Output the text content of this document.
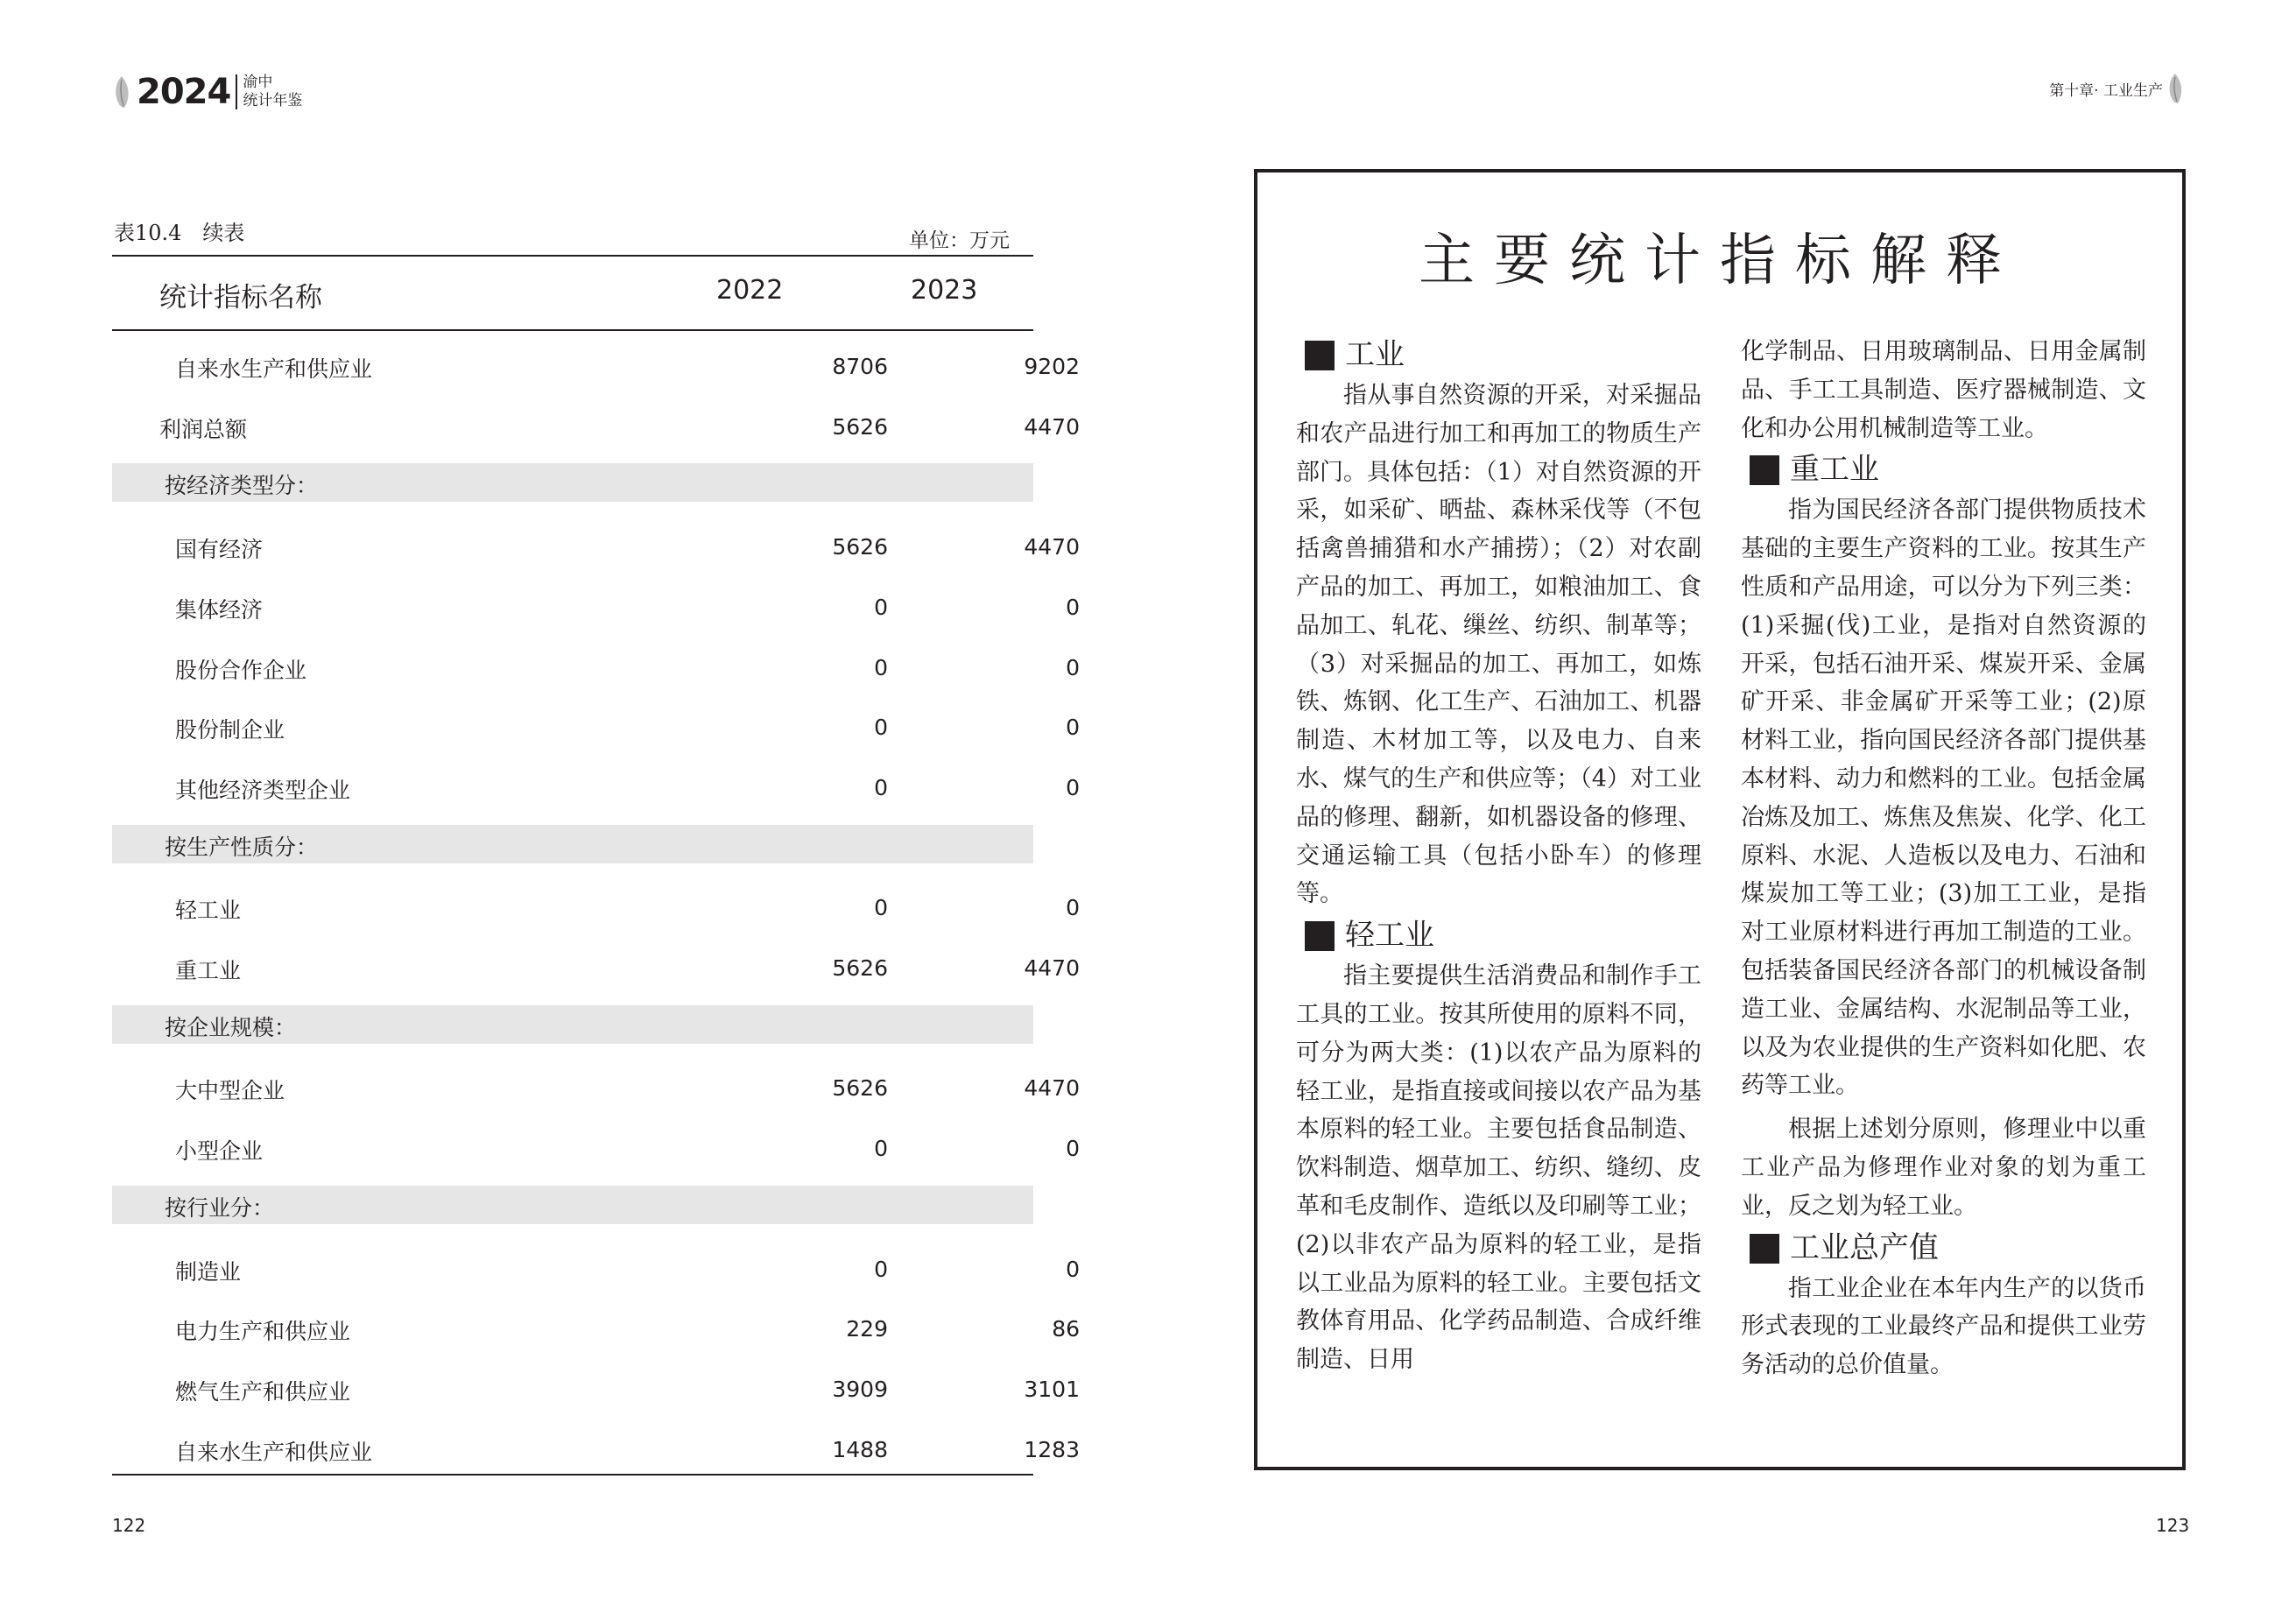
2024 渝中
统计年鉴
第十章· 工业生产
表10.4　续表	单位：万元
统计指标名称	2022	2023
自来水生产和供应业	8706	9202
利润总额	5626	4470
按经济类型分：
国有经济	5626	4470
集体经济	0	0
股份合作企业	0	0
股份制企业	0	0
其他经济类型企业	0	0
按生产性质分：
轻工业	0	0
重工业	5626	4470
按企业规模：
大中型企业	5626	4470
小型企业	0	0
按行业分：
制造业	0	0
电力生产和供应业	229	86
燃气生产和供应业	3909	3101
自来水生产和供应业	1488	1283
122	123
主要统计指标解释
工业
指从事自然资源的开采，对采掘品和农产品进行加工和再加工的物质生产部门。具体包括：（1）对自然资源的开采，如采矿、晒盐、森林采伐等（不包括禽兽捕猎和水产捕捞）；（2）对农副产品的加工、再加工，如粮油加工、食品加工、轧花、缫丝、纺织、制革等；（3）对采掘品的加工、再加工，如炼铁、炼钢、化工生产、石油加工、机器制造、木材加工等，以及电力、自来水、煤气的生产和供应等；（4）对工业品的修理、翻新，如机器设备的修理、交通运输工具（包括小卧车）的修理等。
轻工业
指主要提供生活消费品和制作手工工具的工业。按其所使用的原料不同，可分为两大类：(1)以农产品为原料的轻工业，是指直接或间接以农产品为基本原料的轻工业。主要包括食品制造、饮料制造、烟草加工、纺织、缝纫、皮革和毛皮制作、造纸以及印刷等工业；(2)以非农产品为原料的轻工业，是指以工业品为原料的轻工业。主要包括文教体育用品、化学药品制造、合成纤维制造、日用
化学制品、日用玻璃制品、日用金属制品、手工工具制造、医疗器械制造、文化和办公用机械制造等工业。
重工业
指为国民经济各部门提供物质技术基础的主要生产资料的工业。按其生产性质和产品用途，可以分为下列三类：(1)采掘(伐)工业，是指对自然资源的开采，包括石油开采、煤炭开采、金属矿开采、非金属矿开采等工业；(2)原材料工业，指向国民经济各部门提供基本材料、动力和燃料的工业。包括金属冶炼及加工、炼焦及焦炭、化学、化工原料、水泥、人造板以及电力、石油和煤炭加工等工业；(3)加工工业，是指对工业原材料进行再加工制造的工业。包括装备国民经济各部门的机械设备制造工业、金属结构、水泥制品等工业，以及为农业提供的生产资料如化肥、农药等工业。
根据上述划分原则，修理业中以重工业产品为修理作业对象的划为重工业，反之划为轻工业。
工业总产值
指工业企业在本年内生产的以货币形式表现的工业最终产品和提供工业劳务活动的总价值量。
